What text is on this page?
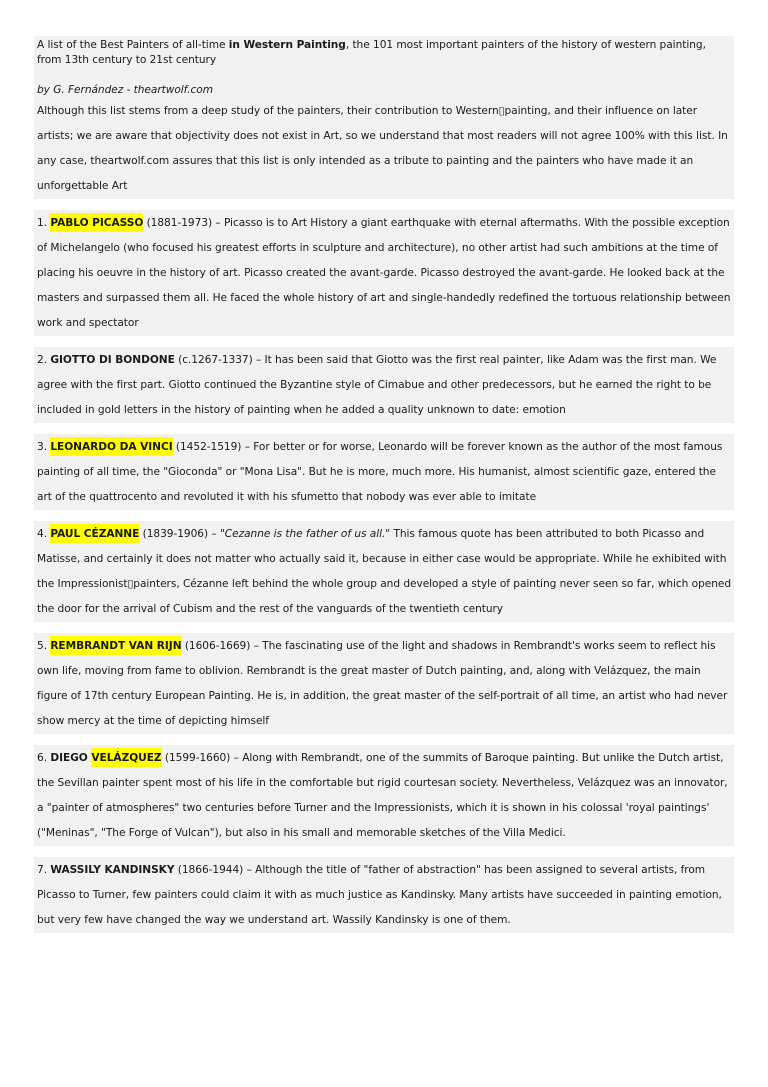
A list of the Best Painters of all-time in Western Painting, the 101 most important painters of the history of western painting, from 13th century to 21st century
by G. Fernández - theartwolf.com
Although this list stems from a deep study of the painters, their contribution to Western▯painting, and their influence on later artists; we are aware that objectivity does not exist in Art, so we understand that most readers will not agree 100% with this list. In any case, theartwolf.com assures that this list is only intended as a tribute to painting and the painters who have made it an unforgettable Art
1. PABLO PICASSO (1881-1973) – Picasso is to Art History a giant earthquake with eternal aftermaths. With the possible exception of Michelangelo (who focused his greatest efforts in sculpture and architecture), no other artist had such ambitions at the time of placing his oeuvre in the history of art. Picasso created the avant-garde. Picasso destroyed the avant-garde. He looked back at the masters and surpassed them all. He faced the whole history of art and single-handedly redefined the tortuous relationship between work and spectator
2. GIOTTO DI BONDONE (c.1267-1337) – It has been said that Giotto was the first real painter, like Adam was the first man. We agree with the first part. Giotto continued the Byzantine style of Cimabue and other predecessors, but he earned the right to be included in gold letters in the history of painting when he added a quality unknown to date: emotion
3. LEONARDO DA VINCI (1452-1519) – For better or for worse, Leonardo will be forever known as the author of the most famous painting of all time, the "Gioconda" or "Mona Lisa". But he is more, much more. His humanist, almost scientific gaze, entered the art of the quattrocento and revoluted it with his sfumetto that nobody was ever able to imitate
4. PAUL CÉZANNE (1839-1906) – "Cezanne is the father of us all." This famous quote has been attributed to both Picasso and Matisse, and certainly it does not matter who actually said it, because in either case would be appropriate. While he exhibited with the Impressionist▯painters, Cézanne left behind the whole group and developed a style of painting never seen so far, which opened the door for the arrival of Cubism and the rest of the vanguards of the twentieth century
5. REMBRANDT VAN RIJN (1606-1669) – The fascinating use of the light and shadows in Rembrandt's works seem to reflect his own life, moving from fame to oblivion. Rembrandt is the great master of Dutch painting, and, along with Velázquez, the main figure of 17th century European Painting. He is, in addition, the great master of the self-portrait of all time, an artist who had never show mercy at the time of depicting himself
6. DIEGO VELÁZQUEZ (1599-1660) – Along with Rembrandt, one of the summits of Baroque painting. But unlike the Dutch artist, the Sevillan painter spent most of his life in the comfortable but rigid courtesan society. Nevertheless, Velázquez was an innovator, a "painter of atmospheres" two centuries before Turner and the Impressionists, which it is shown in his colossal 'royal paintings' ("Meninas", "The Forge of Vulcan"), but also in his small and memorable sketches of the Villa Medici.
7. WASSILY KANDINSKY (1866-1944) – Although the title of "father of abstraction" has been assigned to several artists, from Picasso to Turner, few painters could claim it with as much justice as Kandinsky. Many artists have succeeded in painting emotion, but very few have changed the way we understand art. Wassily Kandinsky is one of them.
